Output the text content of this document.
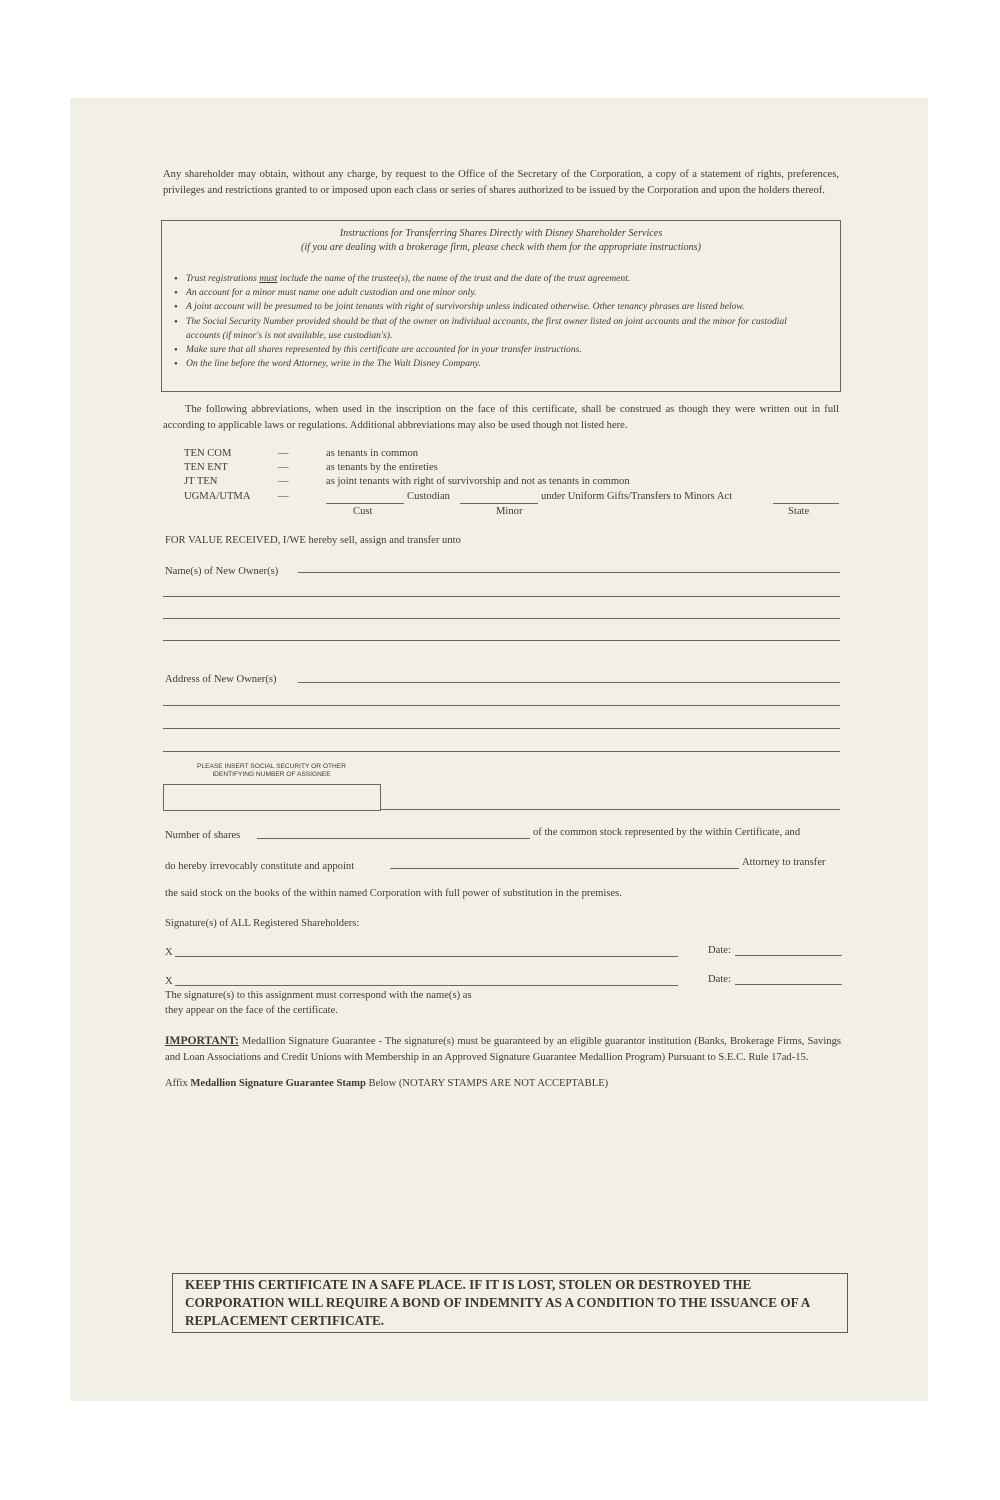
Any shareholder may obtain, without any charge, by request to the Office of the Secretary of the Corporation, a copy of a statement of rights, preferences, privileges and restrictions granted to or imposed upon each class or series of shares authorized to be issued by the Corporation and upon the holders thereof.
Instructions for Transferring Shares Directly with Disney Shareholder Services
(if you are dealing with a brokerage firm, please check with them for the appropriate instructions)
• Trust registrations must include the name of the trustee(s), the name of the trust and the date of the trust agreement.
• An account for a minor must name one adult custodian and one minor only.
• A joint account will be presumed to be joint tenants with right of survivorship unless indicated otherwise. Other tenancy phrases are listed below.
• The Social Security Number provided should be that of the owner on individual accounts, the first owner listed on joint accounts and the minor for custodial accounts (if minor's is not available, use custodian's).
• Make sure that all shares represented by this certificate are accounted for in your transfer instructions.
• On the line before the word Attorney, write in the The Walt Disney Company.
The following abbreviations, when used in the inscription on the face of this certificate, shall be construed as though they were written out in full according to applicable laws or regulations. Additional abbreviations may also be used though not listed here.
TEN COM	—	as tenants in common
TEN ENT	—	as tenants by the entireties
JT TEN	—	as joint tenants with right of survivorship and not as tenants in common
UGMA/UTMA	—	Custodian	under Uniform Gifts/Transfers to Minors Act
Cust	Minor	State
FOR VALUE RECEIVED, I/WE hereby sell, assign and transfer unto
Name(s) of New Owner(s)
Address of New Owner(s)
PLEASE INSERT SOCIAL SECURITY OR OTHER
IDENTIFYING NUMBER OF ASSIGNEE
Number of shares	of the common stock represented by the within Certificate, and
do hereby irrevocably constitute and appoint	Attorney to transfer
the said stock on the books of the within named Corporation with full power of substitution in the premises.
Signature(s) of ALL Registered Shareholders:
X	Date:
X	Date:
The signature(s) to this assignment must correspond with the name(s) as
they appear on the face of the certificate.
IMPORTANT: Medallion Signature Guarantee - The signature(s) must be guaranteed by an eligible guarantor institution (Banks, Brokerage Firms, Savings and Loan Associations and Credit Unions with Membership in an Approved Signature Guarantee Medallion Program) Pursuant to S.E.C. Rule 17ad-15.
Affix Medallion Signature Guarantee Stamp Below (NOTARY STAMPS ARE NOT ACCEPTABLE)
KEEP THIS CERTIFICATE IN A SAFE PLACE. IF IT IS LOST, STOLEN OR DESTROYED THE CORPORATION WILL REQUIRE A BOND OF INDEMNITY AS A CONDITION TO THE ISSUANCE OF A REPLACEMENT CERTIFICATE.
